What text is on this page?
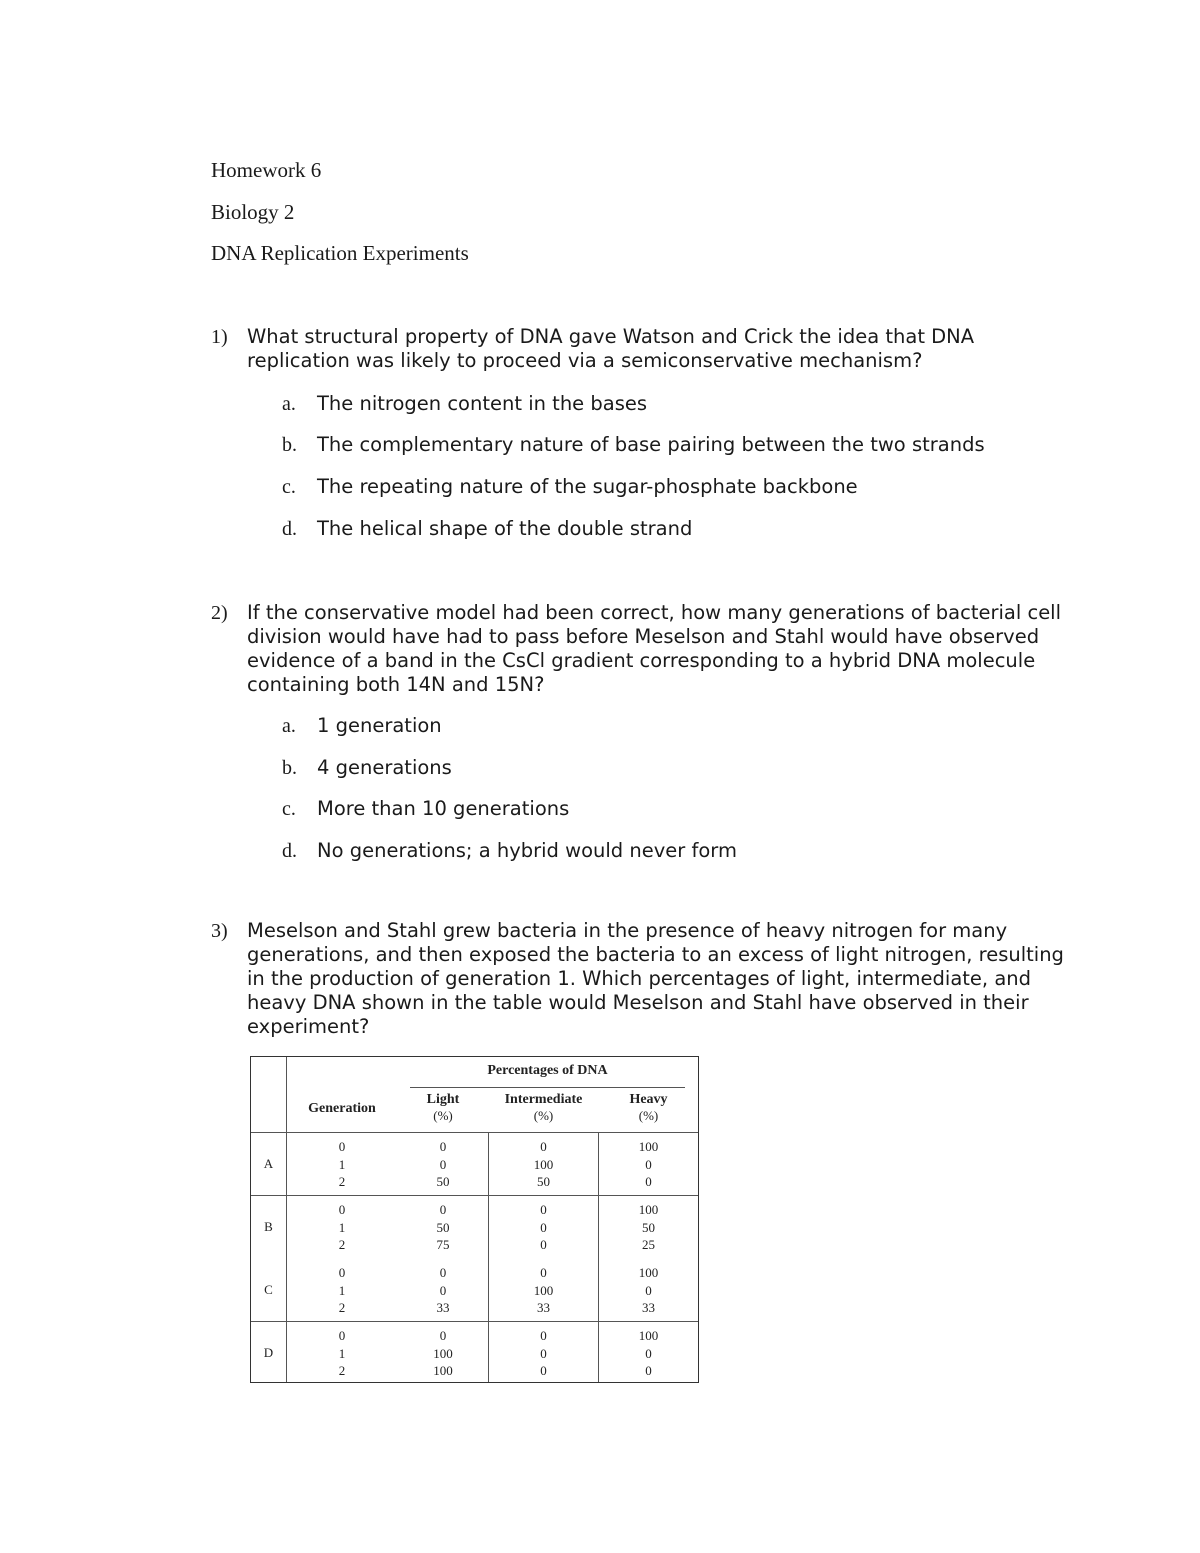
Homework 6
Biology 2
DNA Replication Experiments
1) What structural property of DNA gave Watson and Crick the idea that DNA replication was likely to proceed via a semiconservative mechanism?
a. The nitrogen content in the bases
b. The complementary nature of base pairing between the two strands
c. The repeating nature of the sugar-phosphate backbone
d. The helical shape of the double strand
2) If the conservative model had been correct, how many generations of bacterial cell division would have had to pass before Meselson and Stahl would have observed evidence of a band in the CsCl gradient corresponding to a hybrid DNA molecule containing both 14N and 15N?
a. 1 generation
b. 4 generations
c. More than 10 generations
d. No generations; a hybrid would never form
3) Meselson and Stahl grew bacteria in the presence of heavy nitrogen for many generations, and then exposed the bacteria to an excess of light nitrogen, resulting in the production of generation 1. Which percentages of light, intermediate, and heavy DNA shown in the table would Meselson and Stahl have observed in their experiment?
Percentages of DNA
Generation
Light
(%)
Intermediate
(%)
Heavy
(%)
A
0
1
2
0
0
50
0
100
50
100
0
0
B
0
1
2
0
50
75
0
0
0
100
50
25
C
0
1
2
0
0
33
0
100
33
100
0
33
D
0
1
2
0
100
100
0
0
0
100
0
0
